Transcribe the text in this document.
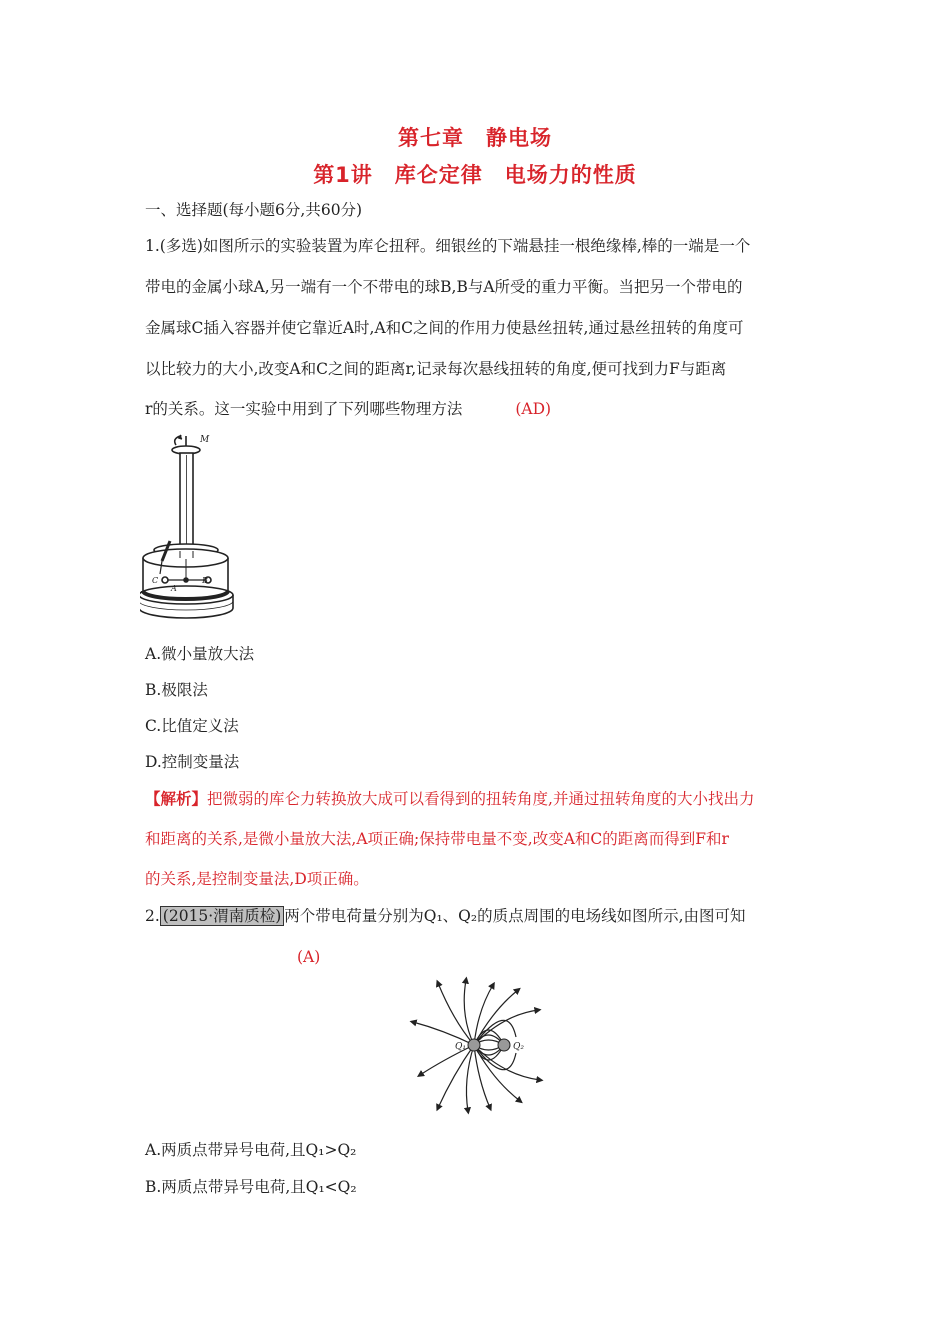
第七章　静电场
第1讲　库仑定律　电场力的性质
一、选择题(每小题6分,共60分)
1.(多选)如图所示的实验装置为库仑扭秤。细银丝的下端悬挂一根绝缘棒,棒的一端是一个
带电的金属小球A,另一端有一个不带电的球B,B与A所受的重力平衡。当把另一个带电的
金属球C插入容器并使它靠近A时,A和C之间的作用力使悬丝扭转,通过悬丝扭转的角度可
以比较力的大小,改变A和C之间的距离r,记录每次悬线扭转的角度,便可找到力F与距离
r的关系。这一实验中用到了下列哪些物理方法	(AD)
M
C
A
B
A.微小量放大法
B.极限法
C.比值定义法
D.控制变量法
【解析】把微弱的库仑力转换放大成可以看得到的扭转角度,并通过扭转角度的大小找出力
和距离的关系,是微小量放大法,A项正确;保持带电量不变,改变A和C的距离而得到F和r
的关系,是控制变量法,D项正确。
2. (2015·渭南质检) 两个带电荷量分别为Q₁、Q₂的质点周围的电场线如图所示,由图可知
(A)
Q₁	Q₂
A.两质点带异号电荷,且Q₁>Q₂
B.两质点带异号电荷,且Q₁<Q₂
